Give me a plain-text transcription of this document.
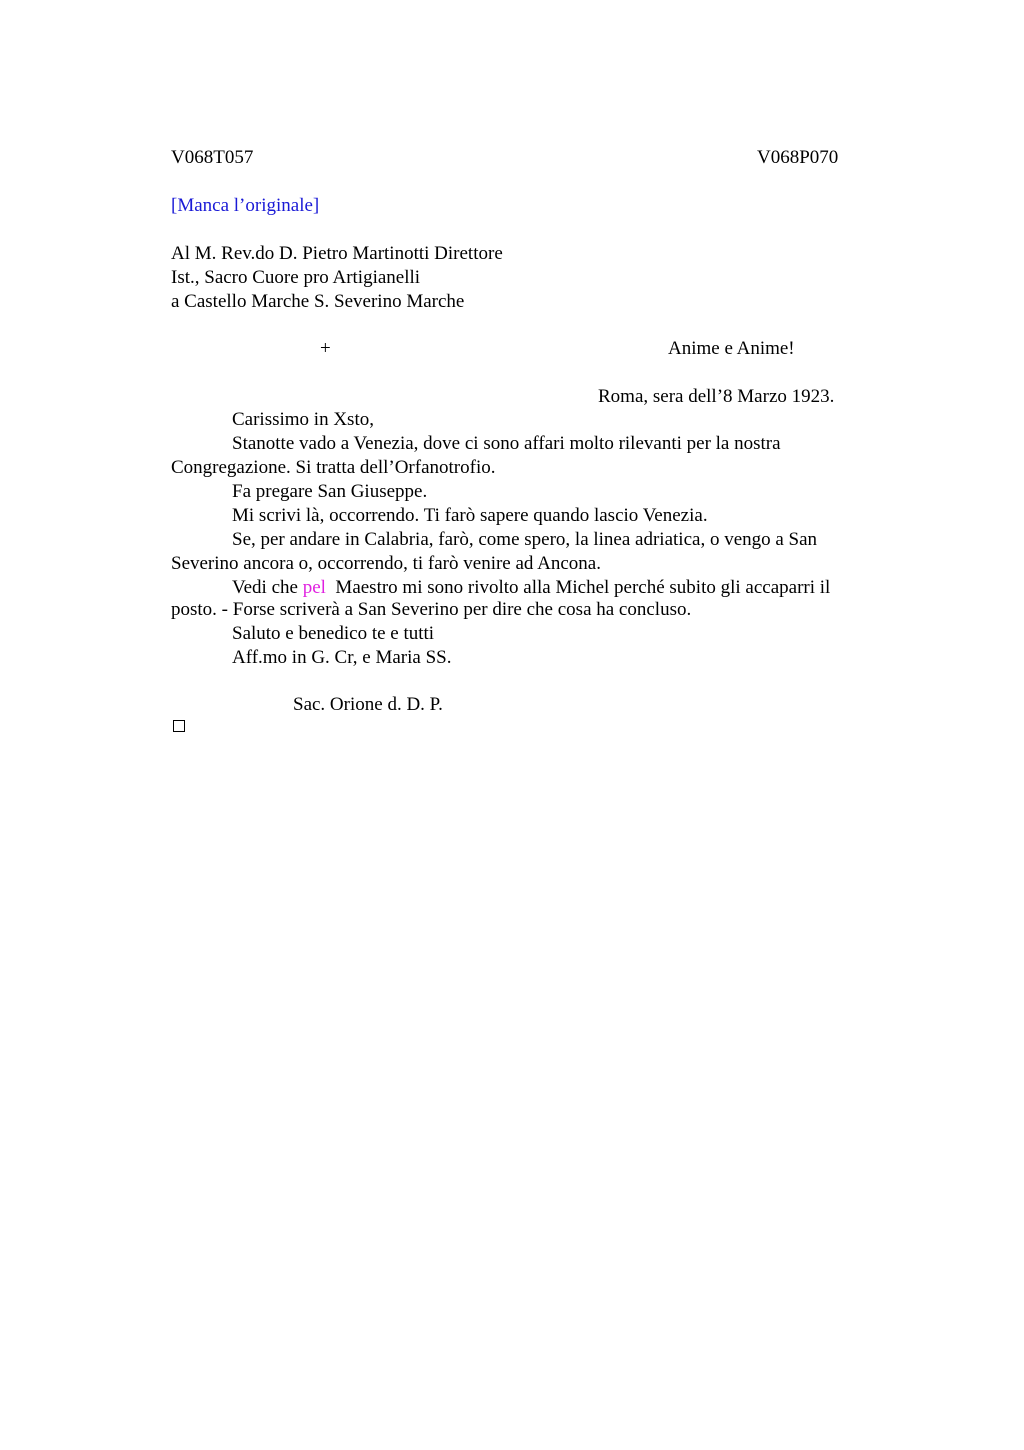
V068T057	V068P070
[Manca l’originale]
Al M. Rev.do D. Pietro Martinotti Direttore
Ist., Sacro Cuore pro Artigianelli
a Castello Marche S. Severino Marche
+	Anime e Anime!
Roma, sera dell’8 Marzo 1923.
Carissimo in Xsto,
Stanotte vado a Venezia, dove ci sono affari molto rilevanti per la nostra
Congregazione. Si tratta dell’Orfanotrofio.
Fa pregare San Giuseppe.
Mi scrivi là, occorrendo. Ti farò sapere quando lascio Venezia.
Se, per andare in Calabria, farò, come spero, la linea adriatica, o vengo a San
Severino ancora o, occorrendo, ti farò venire ad Ancona.
Vedi che pel  Maestro mi sono rivolto alla Michel perché subito gli accaparri il
posto. - Forse scriverà a San Severino per dire che cosa ha concluso.
Saluto e benedico te e tutti
Aff.mo in G. Cr, e Maria SS.
Sac. Orione d. D. P.
